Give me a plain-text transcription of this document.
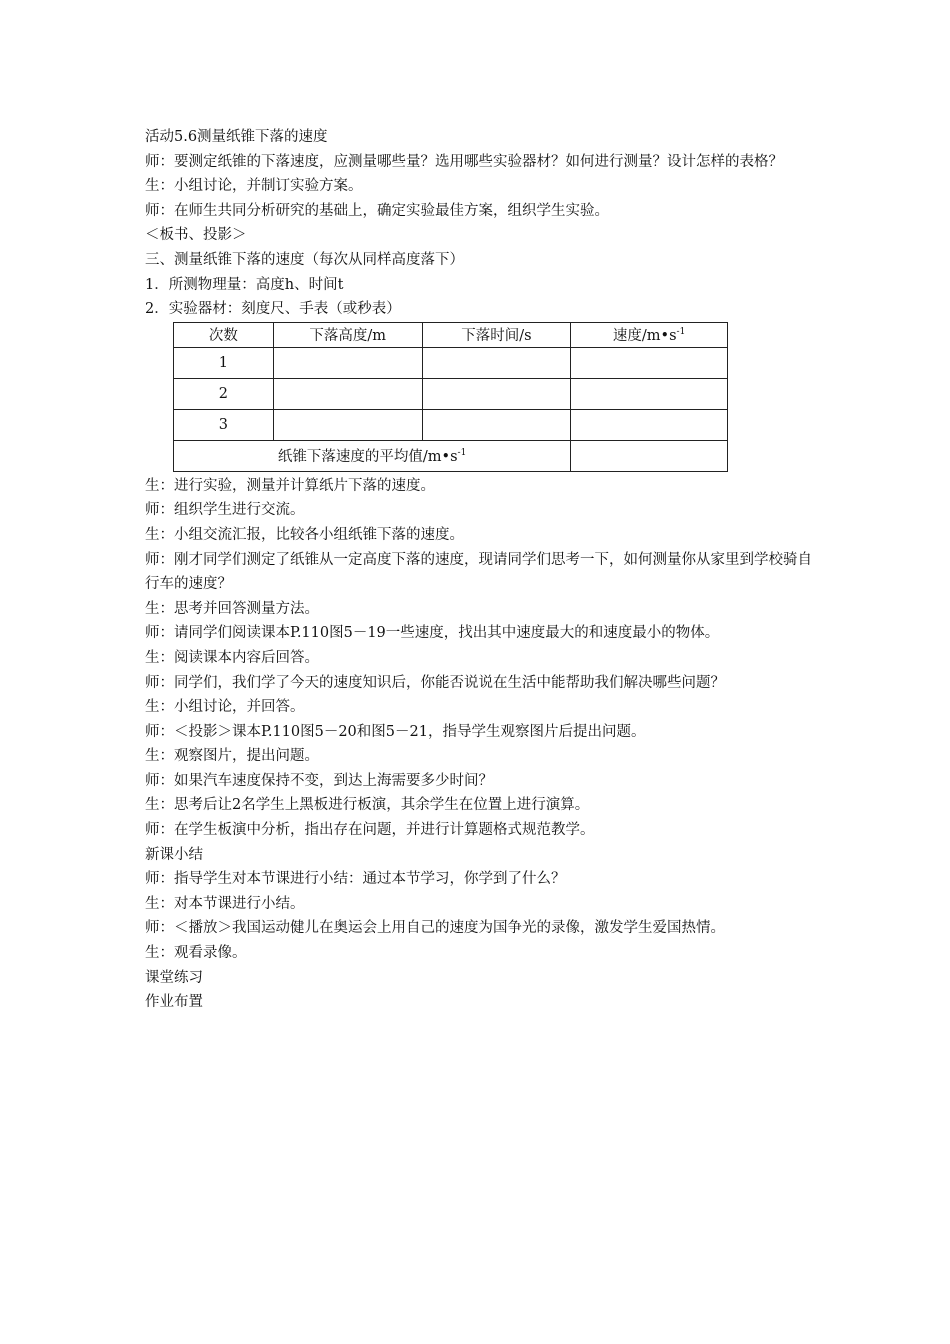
活动5.6测量纸锥下落的速度
师：要测定纸锥的下落速度，应测量哪些量？选用哪些实验器材？如何进行测量？设计怎样的表格？
生：小组讨论，并制订实验方案。
师：在师生共同分析研究的基础上，确定实验最佳方案，组织学生实验。
＜板书、投影＞
三、测量纸锥下落的速度（每次从同样高度落下）
1．所测物理量：高度h、时间t
2．实验器材：刻度尺、手表（或秒表）
次数	下落高度/m	下落时间/s	速度$/m•s^{-1}$
1			
2			
3			
纸锥下落速度的平均值$/m•s^{-1}$	
生：进行实验，测量并计算纸片下落的速度。
师：组织学生进行交流。
生：小组交流汇报，比较各小组纸锥下落的速度。
师：刚才同学们测定了纸锥从一定高度下落的速度，现请同学们思考一下，如何测量你从家里到学校骑自行车的速度？
生：思考并回答测量方法。
师：请同学们阅读课本P.110图5－19一些速度，找出其中速度最大的和速度最小的物体。
生：阅读课本内容后回答。
师：同学们，我们学了今天的速度知识后，你能否说说在生活中能帮助我们解决哪些问题？
生：小组讨论，并回答。
师：＜投影＞课本P.110图5－20和图5－21，指导学生观察图片后提出问题。
生：观察图片，提出问题。
师：如果汽车速度保持不变，到达上海需要多少时间？
生：思考后让2名学生上黑板进行板演，其余学生在位置上进行演算。
师：在学生板演中分析，指出存在问题，并进行计算题格式规范教学。
新课小结
师：指导学生对本节课进行小结：通过本节学习，你学到了什么？
生：对本节课进行小结。
师：＜播放＞我国运动健儿在奥运会上用自己的速度为国争光的录像，激发学生爱国热情。
生：观看录像。
课堂练习
作业布置
